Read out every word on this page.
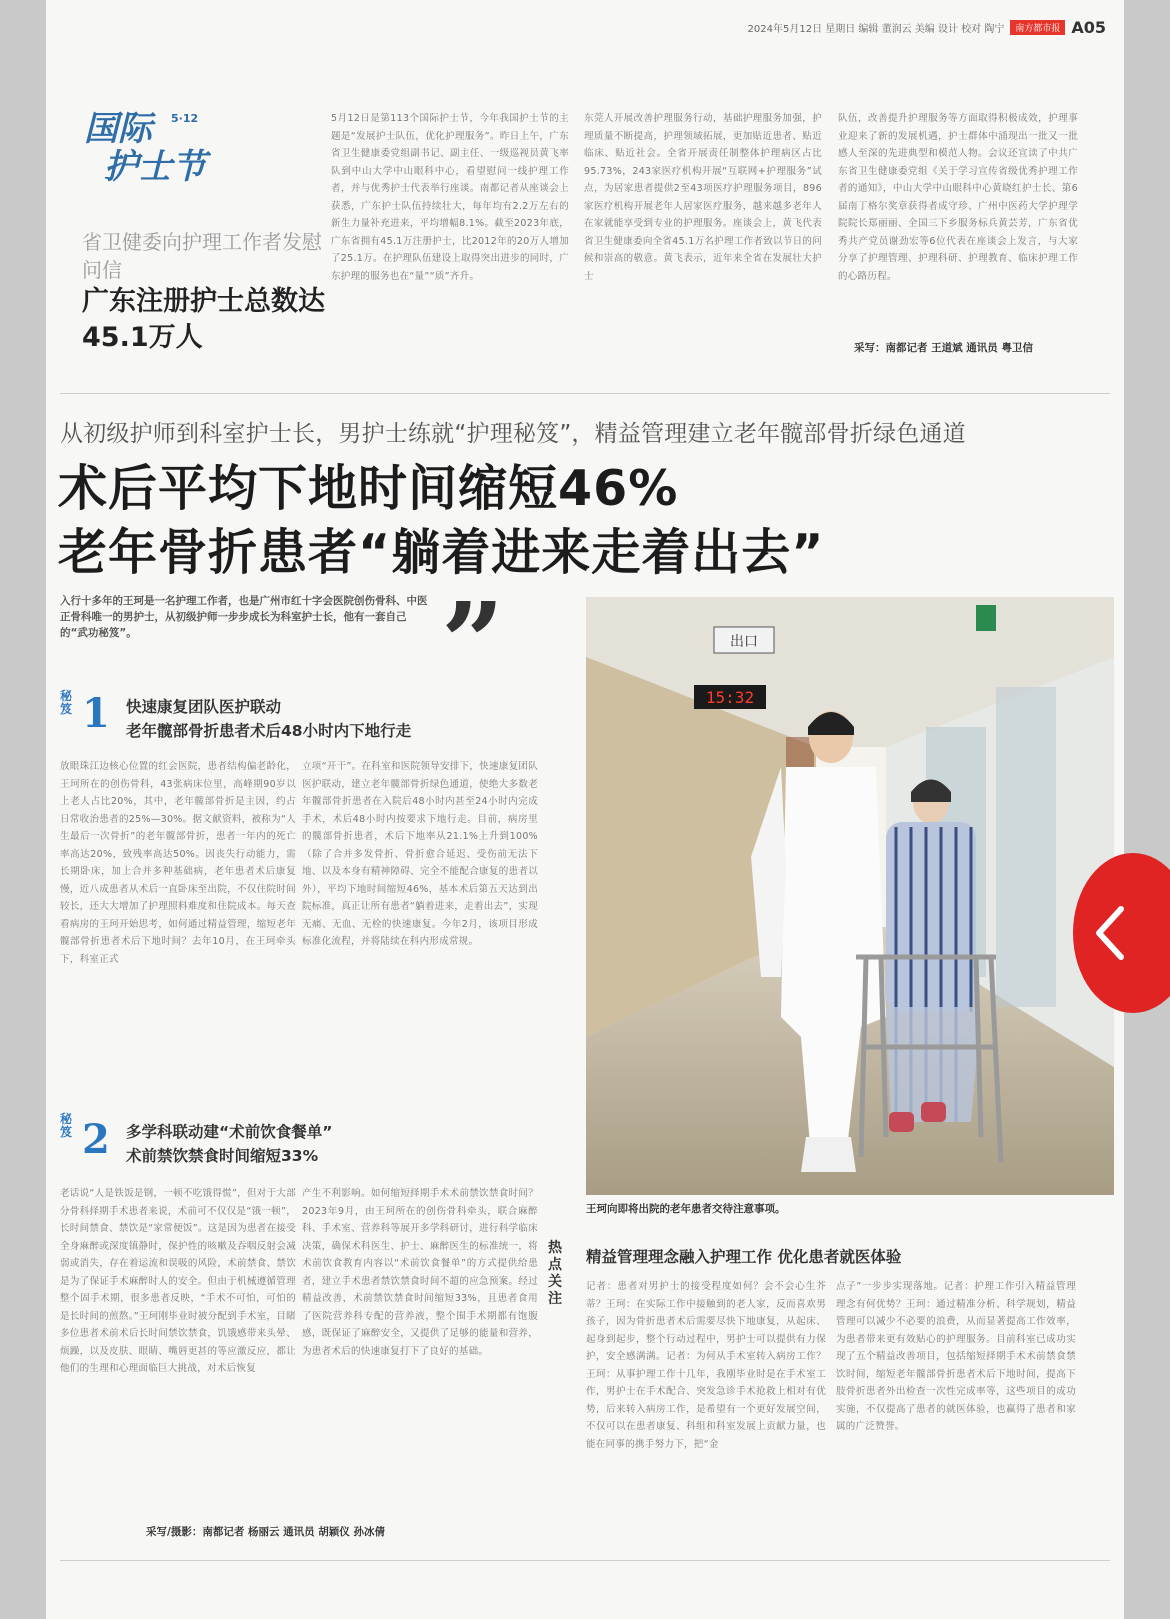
2024年5月12日 星期日 编辑 董润云 美编 设计 校对 陶宁	南方都市报 A05
国际
护士节
5·12
省卫健委向护理工作者发慰问信
广东注册护士总数达45.1万人
5月12日是第113个国际护士节，今年我国护士节的主题是“发展护士队伍，优化护理服务”。昨日上午，广东省卫生健康委党组副书记、副主任、一级巡视员黄飞率队到中山大学中山眼科中心，看望慰问一线护理工作者，并与优秀护士代表举行座谈。南都记者从座谈会上获悉，广东护士队伍持续壮大，每年均有2.2万左右的新生力量补充进来，平均增幅8.1%。截至2023年底，广东省拥有45.1万注册护士，比2012年的20万人增加了25.1万。在护理队伍建设上取得突出进步的同时，广东护理的服务也在“量”“质”齐升。
东莞人开展改善护理服务行动，基础护理服务加强，护理质量不断提高，护理领域拓展，更加贴近患者、贴近临床、贴近社会。全省开展责任制整体护理病区占比95.73%，243家医疗机构开展“互联网+护理服务”试点，为居家患者提供2至43项医疗护理服务项目，896家医疗机构开展老年人居家医疗服务，越来越多老年人在家就能享受到专业的护理服务。座谈会上，黄飞代表省卫生健康委向全省45.1万名护理工作者致以节日的问候和崇高的敬意。黄飞表示，近年来全省在发展壮大护士
队伍，改善提升护理服务等方面取得积极成效，护理事业迎来了新的发展机遇，护士群体中涌现出一批又一批感人至深的先进典型和模范人物。会议还宣读了中共广东省卫生健康委党组《关于学习宣传省级优秀护理工作者的通知》，中山大学中山眼科中心黄晓红护士长、第6届南丁格尔奖章获得者成守珍、广州中医药大学护理学院院长郑丽丽、全国三下乡服务标兵黄芸芳，广东省优秀共产党员谢劲宏等6位代表在座谈会上发言，与大家分享了护理管理、护理科研、护理教育、临床护理工作的心路历程。
采写：南都记者 王道斌 通讯员 粤卫信
从初级护师到科室护士长，男护士练就“护理秘笈”，精益管理建立老年髋部骨折绿色通道
术后平均下地时间缩短46%
老年骨折患者“躺着进来走着出去”
入行十多年的王珂是一名护理工作者，也是广州市红十字会医院创伤骨科、中医正骨科唯一的男护士，从初级护师一步步成长为科室护士长，他有一套自己的“武功秘笈”。	”
秘笈 1 快速康复团队医护联动
老年髋部骨折患者术后48小时内下地行走
放眼珠江边核心位置的红会医院，患者结构偏老龄化，王珂所在的创伤骨科，43张病床位里，高峰期90岁以上老人占比20%，其中，老年髋部骨折是主因，约占日常收治患者的25%—30%。据文献资料，被称为“人生最后一次骨折”的老年髋部骨折，患者一年内的死亡率高达20%，致残率高达50%。因丧失行动能力，需长期卧床，加上合并多种基础病，老年患者术后康复慢，近八成患者从术后一直卧床至出院，不仅住院时间较长，还大大增加了护理照料难度和住院成本。每天查看病房的王珂开始思考，如何通过精益管理，缩短老年髋部骨折患者术后下地时间？去年10月，在王珂牵头下，科室正式
立项“开干”。在科室和医院领导安排下，快速康复团队医护联动，建立老年髋部骨折绿色通道，使绝大多数老年髋部骨折患者在入院后48小时内甚至24小时内完成手术，术后48小时内按要求下地行走。目前，病房里的髋部骨折患者，术后下地率从21.1%上升到100%（除了合并多发骨折、骨折愈合延迟、受伤前无法下地、以及本身有精神障碍、完全不能配合康复的患者以外），平均下地时间缩短46%，基本术后第五天达到出院标准，真正让所有患者“躺着进来，走着出去”，实现无痛、无血、无栓的快速康复。今年2月，该项目形成标准化流程，并将陆续在科内形成常规。
秘笈 2 多学科联动建“术前饮食餐单”
术前禁饮禁食时间缩短33%
老话说“人是铁饭是钢，一顿不吃饿得慌”，但对于大部分骨科择期手术患者来说，术前可不仅仅是“饿一顿”，长时间禁食、禁饮是“家常便饭”。这是因为患者在接受全身麻醉或深度镇静时，保护性的咳嗽及吞咽反射会减弱或消失，存在着运流和误吸的风险，术前禁食、禁饮是为了保证手术麻醉时人的安全。但由于机械遵循管理整个固手术期，很多患者反映，“手术不可怕，可怕的是长时间的煎熬。”王珂刚毕业时被分配到手术室，目睹多位患者术前术后长时间禁饮禁食，饥饿感带来头晕、烦躁，以及皮肤、眼睛、嘴唇更甚的等应激反应，都让他们的生理和心理面临巨大挑战，对术后恢复
产生不利影响。如何缩短择期手术术前禁饮禁食时间？2023年9月，由王珂所在的创伤骨科牵头，联合麻醉科、手术室、营养科等展开多学科研讨，进行科学临床决策，确保术科医生、护士、麻醉医生的标准统一，将术前饮食教育内容以“术前饮食餐单”的方式提供给患者，建立手术患者禁饮禁食时间不超的应急预案。经过精益改善，术前禁饮禁食时间缩短33%，且患者食用了医院营养科专配的营养液，整个围手术期都有饱腹感，既保证了麻醉安全，又提供了足够的能量和营养，为患者术后的快速康复打下了良好的基础。
采写/摄影：南都记者 杨丽云 通讯员 胡颖仪 孙冰倩
15:32
出口
王珂向即将出院的老年患者交待注意事项。
热点关注
精益管理理念融入护理工作 优化患者就医体验
记者：患者对男护士的接受程度如何？会不会心生芥蒂？王珂：在实际工作中接触到的老人家，反而喜欢男孩子，因为骨折患者术后需要尽快下地康复，从起床、起身到起步，整个行动过程中，男护士可以提供有力保护，安全感满满。记者：为何从手术室转入病房工作？王珂：从事护理工作十几年，我刚毕业时是在手术室工作，男护士在手术配合、突发急诊手术抢救上相对有优势，后来转入病房工作，是希望有一个更好发展空间，不仅可以在患者康复、科组和科室发展上贡献力量，也能在同事的携手努力下，把“金
点子”一步步实现落地。记者：护理工作引入精益管理理念有何优势？王珂：通过精准分析、科学规划，精益管理可以减少不必要的浪费，从而显著提高工作效率，为患者带来更有效贴心的护理服务。目前科室已成功实现了五个精益改善项目，包括缩短择期手术术前禁食禁饮时间，缩短老年髋部骨折患者术后下地时间，提高下肢骨折患者外出检查一次性完成率等，这些项目的成功实施，不仅提高了患者的就医体验，也赢得了患者和家属的广泛赞誉。
